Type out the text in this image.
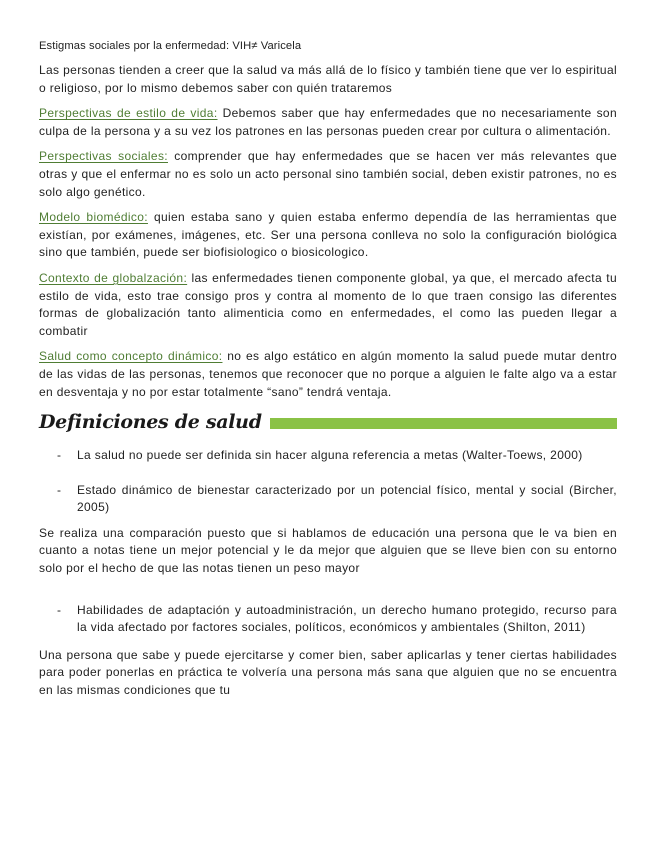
Estigmas sociales por la enfermedad: VIH≠ Varicela

Las personas tienden a creer que la salud va más allá de lo físico y también tiene que ver lo espiritual o religioso, por lo mismo debemos saber con quién trataremos

Perspectivas de estilo de vida: Debemos saber que hay enfermedades que no necesariamente son culpa de la persona y a su vez los patrones en las personas pueden crear por cultura o alimentación.

Perspectivas sociales: comprender que hay enfermedades que se hacen ver más relevantes que otras y que el enfermar no es solo un acto personal sino también social, deben existir patrones, no es solo algo genético.

Modelo biomédico: quien estaba sano y quien estaba enfermo dependía de las herramientas que existían, por exámenes, imágenes, etc. Ser una persona conlleva no solo la configuración biológica sino que también, puede ser biofisiologico o biosicologico.

Contexto de globalzación: las enfermedades tienen componente global, ya que, el mercado afecta tu estilo de vida, esto trae consigo pros y contra al momento de lo que traen consigo las diferentes formas de globalización tanto alimenticia como en enfermedades, el como las pueden llegar a combatir

Salud como concepto dinámico: no es algo estático en algún momento la salud puede mutar dentro de las vidas de las personas, tenemos que reconocer que no porque a alguien le falte algo va a estar en desventaja y no por estar totalmente “sano” tendrá ventaja.

Definiciones de salud
- La salud no puede ser definida sin hacer alguna referencia a metas (Walter-Toews, 2000)
- Estado dinámico de bienestar caracterizado por un potencial físico, mental y social (Bircher, 2005)

Se realiza una comparación puesto que si hablamos de educación una persona que le va bien en cuanto a notas tiene un mejor potencial y le da mejor que alguien que se lleve bien con su entorno solo por el hecho de que las notas tienen un peso mayor

- Habilidades de adaptación y autoadministración, un derecho humano protegido, recurso para la vida afectado por factores sociales, políticos, económicos y ambientales (Shilton, 2011)

Una persona que sabe y puede ejercitarse y comer bien, saber aplicarlas y tener ciertas habilidades para poder ponerlas en práctica te volvería una persona más sana que alguien que no se encuentra en las mismas condiciones que tu
